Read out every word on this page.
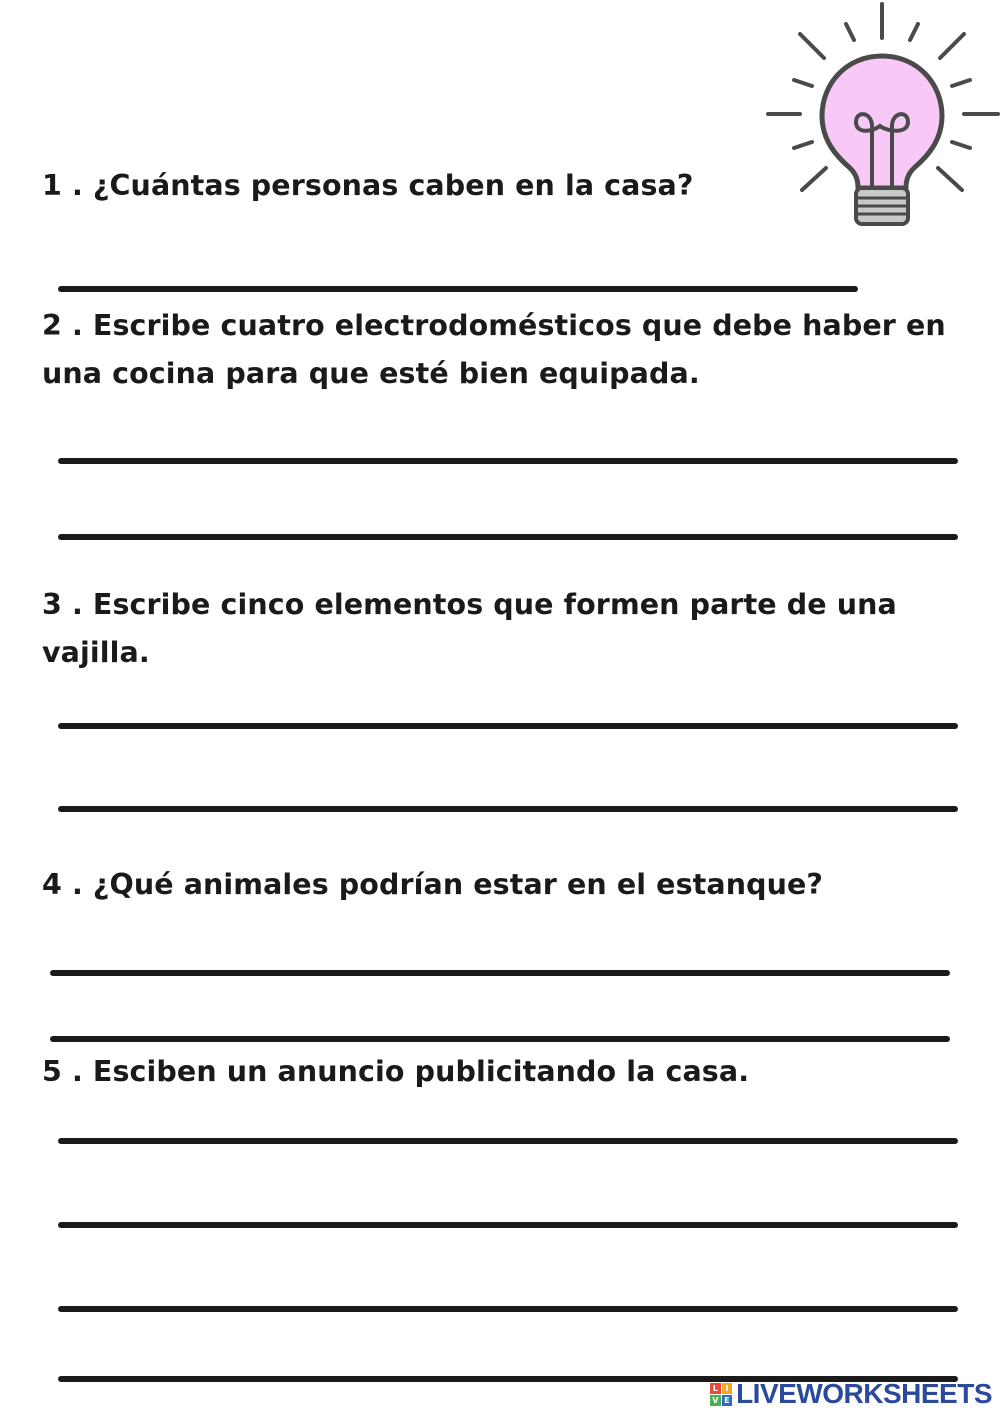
1 . ¿Cuántas personas caben en la casa?

2 . Escribe cuatro electrodomésticos que debe haber en una cocina para que esté bien equipada.

3 . Escribe cinco elementos que formen parte de una vajilla.

4 . ¿Qué animales podrían estar en el estanque?

5 . Esciben un anuncio publicitando la casa.

L I
V E LIVEWORKSHEETS
